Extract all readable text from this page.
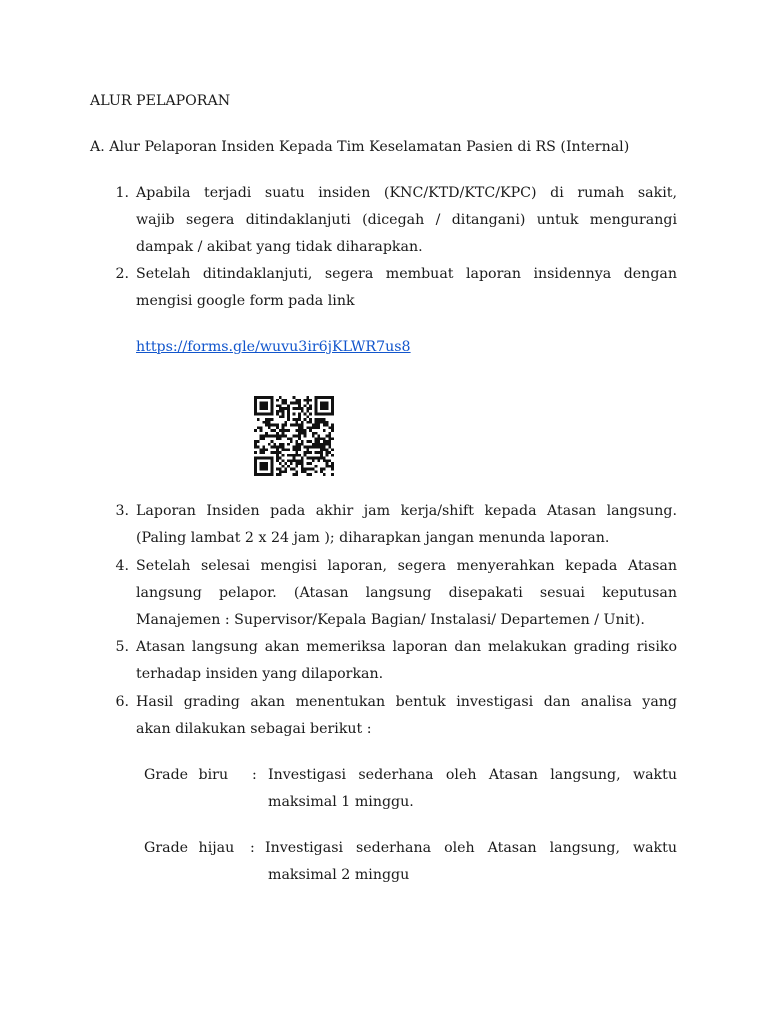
ALUR PELAPORAN
A. Alur Pelaporan Insiden Kepada Tim Keselamatan Pasien di RS (Internal)
1. Apabila terjadi suatu insiden (KNC/KTD/KTC/KPC) di rumah sakit,
wajib segera ditindaklanjuti (dicegah / ditangani) untuk mengurangi
dampak / akibat yang tidak diharapkan.
2. Setelah ditindaklanjuti, segera membuat laporan insidennya dengan
mengisi google form pada link
https://forms.gle/wuvu3ir6jKLWR7us8
3. Laporan Insiden pada akhir jam kerja/shift kepada Atasan langsung.
(Paling lambat 2 x 24 jam ); diharapkan jangan menunda laporan.
4. Setelah selesai mengisi laporan, segera menyerahkan kepada Atasan
langsung pelapor. (Atasan langsung disepakati sesuai keputusan
Manajemen : Supervisor/Kepala Bagian/ Instalasi/ Departemen / Unit).
5. Atasan langsung akan memeriksa laporan dan melakukan grading risiko
terhadap insiden yang dilaporkan.
6. Hasil grading akan menentukan bentuk investigasi dan analisa yang
akan dilakukan sebagai berikut :
Grade biru : Investigasi sederhana oleh Atasan langsung, waktu
maksimal 1 minggu.
Grade hijau : Investigasi sederhana oleh Atasan langsung, waktu
maksimal 2 minggu
